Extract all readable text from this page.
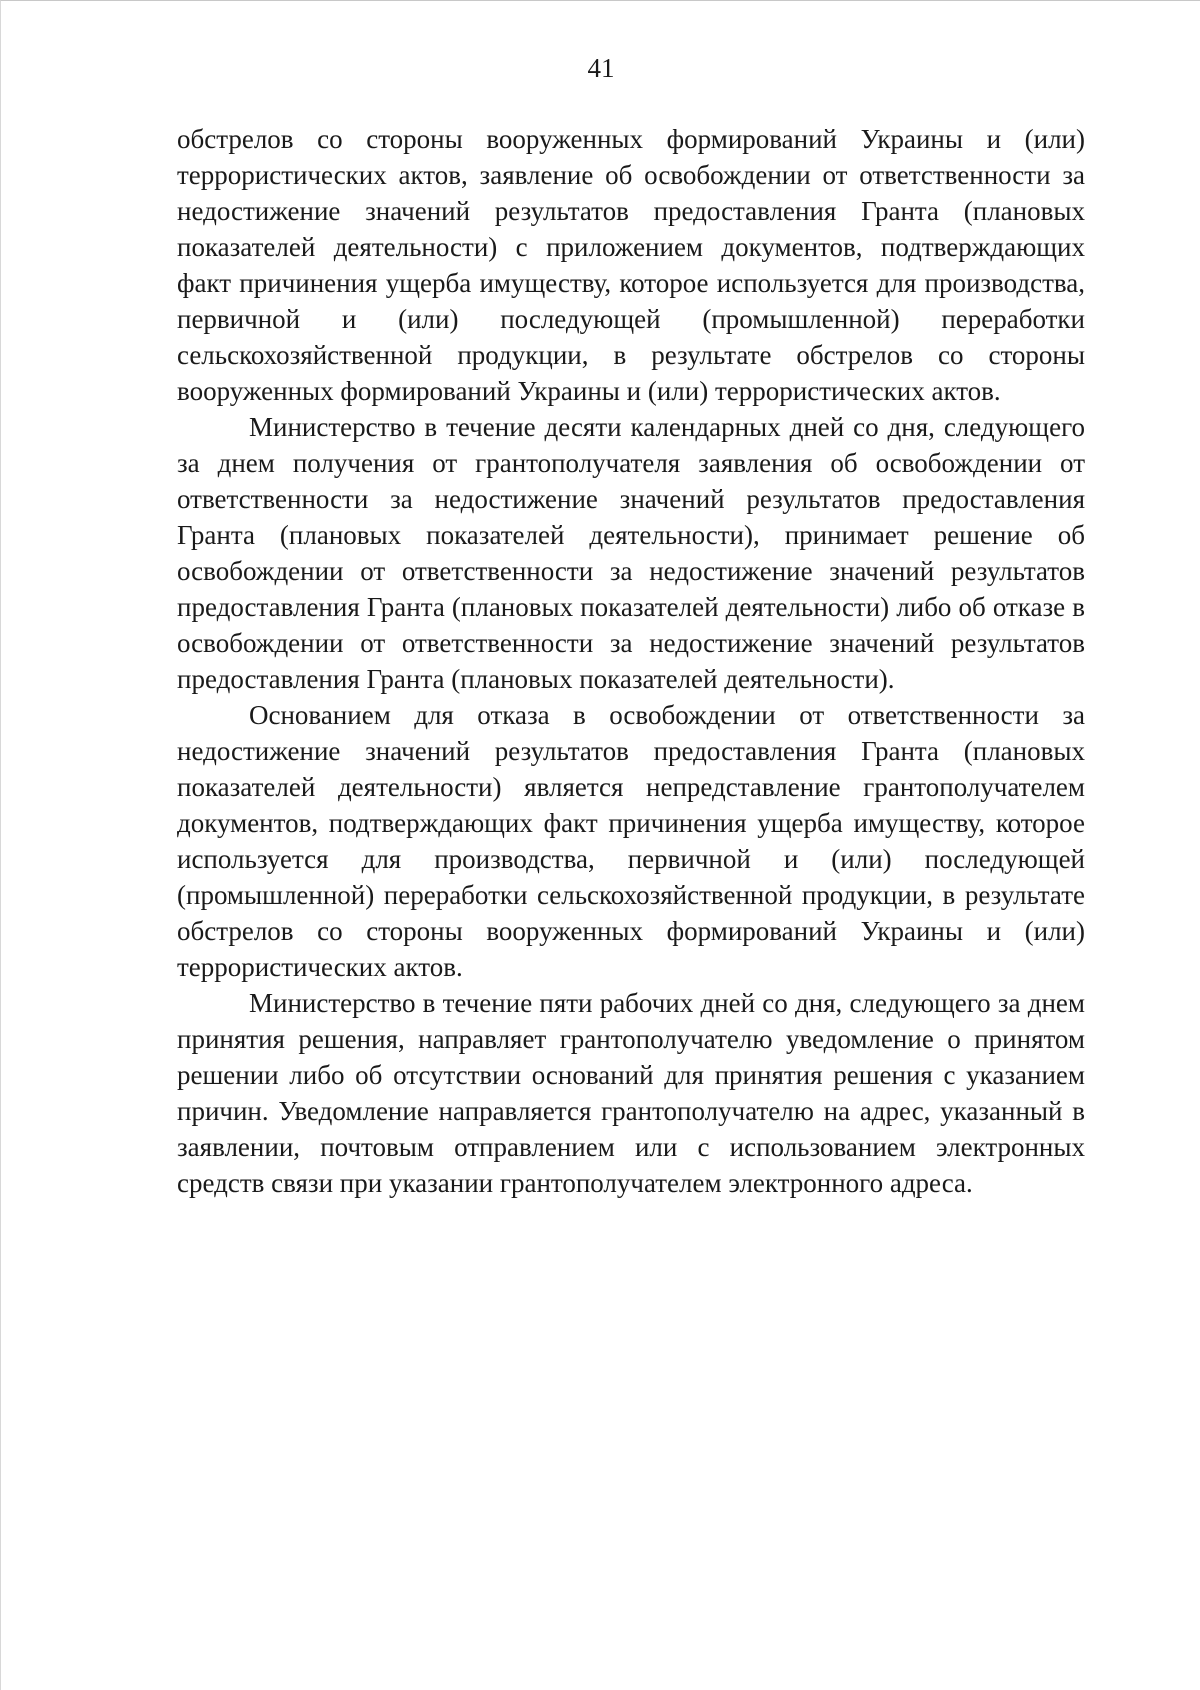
41

обстрелов со стороны вооруженных формирований Украины и (или) террористических актов, заявление об освобождении от ответственности за недостижение значений результатов предоставления Гранта (плановых показателей деятельности) с приложением документов, подтверждающих факт причинения ущерба имуществу, которое используется для производства, первичной и (или) последующей (промышленной) переработки сельскохозяйственной продукции, в результате обстрелов со стороны вооруженных формирований Украины и (или) террористических актов.

Министерство в течение десяти календарных дней со дня, следующего за днем получения от грантополучателя заявления об освобождении от ответственности за недостижение значений результатов предоставления Гранта (плановых показателей деятельности), принимает решение об освобождении от ответственности за недостижение значений результатов предоставления Гранта (плановых показателей деятельности) либо об отказе в освобождении от ответственности за недостижение значений результатов предоставления Гранта (плановых показателей деятельности).

Основанием для отказа в освобождении от ответственности за недостижение значений результатов предоставления Гранта (плановых показателей деятельности) является непредставление грантополучателем документов, подтверждающих факт причинения ущерба имуществу, которое используется для производства, первичной и (или) последующей (промышленной) переработки сельскохозяйственной продукции, в результате обстрелов со стороны вооруженных формирований Украины и (или) террористических актов.

Министерство в течение пяти рабочих дней со дня, следующего за днем принятия решения, направляет грантополучателю уведомление о принятом решении либо об отсутствии оснований для принятия решения с указанием причин. Уведомление направляется грантополучателю на адрес, указанный в заявлении, почтовым отправлением или с использованием электронных средств связи при указании грантополучателем электронного адреса.
